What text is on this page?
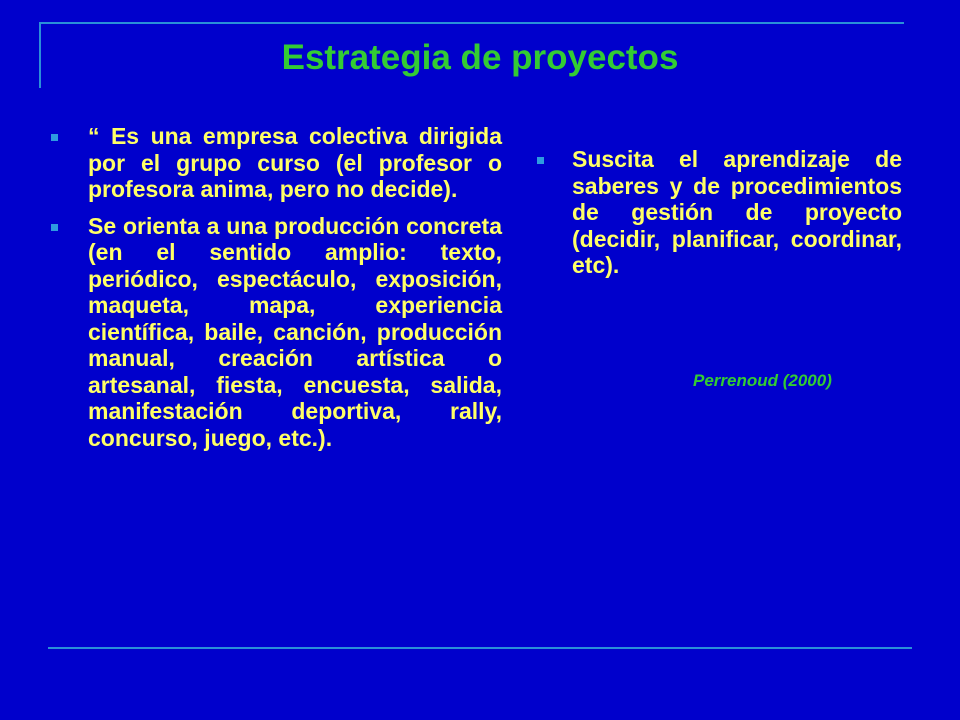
Estrategia de proyectos
“ Es una empresa colectiva dirigida por el grupo curso (el profesor o profesora anima, pero no decide).
Se orienta a una producción concreta (en el sentido amplio: texto, periódico, espectáculo, exposición, maqueta, mapa, experiencia científica, baile, canción, producción manual, creación artística o artesanal, fiesta, encuesta, salida, manifestación deportiva, rally, concurso, juego, etc.).
Suscita el aprendizaje de saberes y de procedimientos de gestión de proyecto (decidir, planificar, coordinar, etc).

Perrenoud (2000)
